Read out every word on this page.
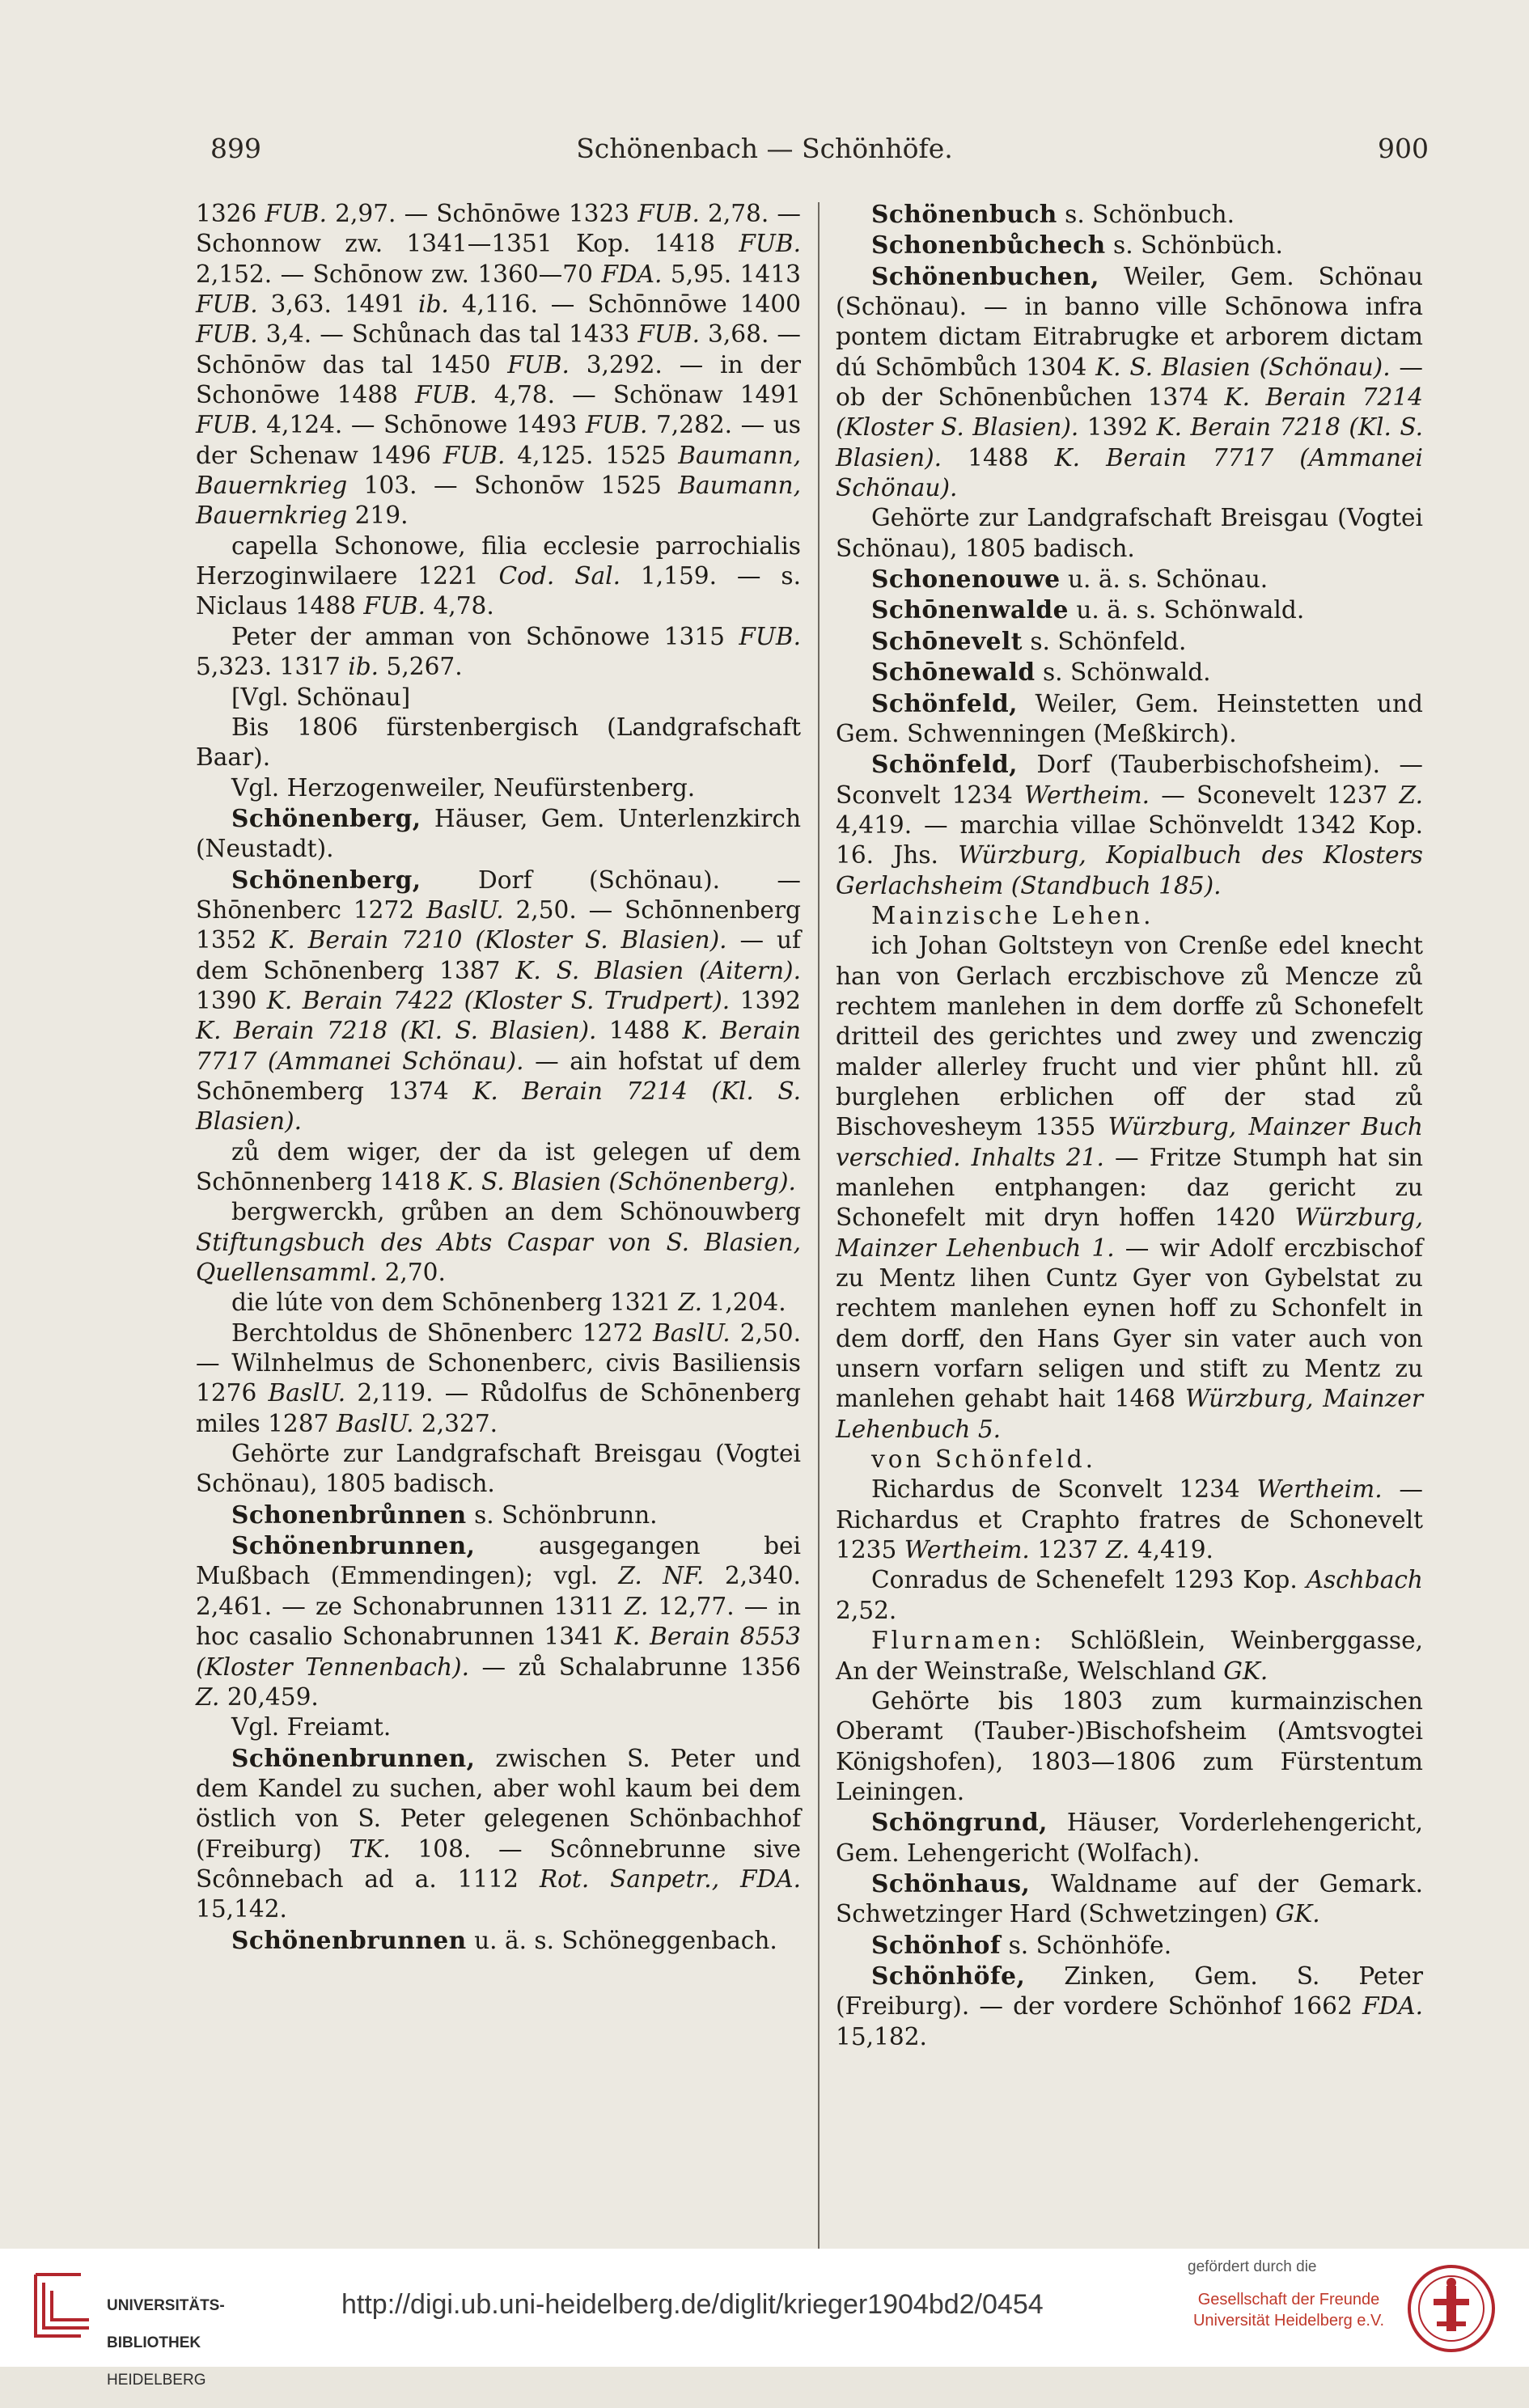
899	Schönenbach — Schönhöfe.	900

1326 FUB. 2,97. — Schōnōwe 1323 FUB. 2,78. — Schonnow zw. 1341—1351 Kop. 1418 FUB. 2,152. — Schōnow zw. 1360—70 FDA. 5,95. 1413 FUB. 3,63. 1491 ib. 4,116. — Schōnnōwe 1400 FUB. 3,4. — Schůnach das tal 1433 FUB. 3,68. — Schōnōw das tal 1450 FUB. 3,292. — in der Schonōwe 1488 FUB. 4,78. — Schönaw 1491 FUB. 4,124. — Schōnowe 1493 FUB. 7,282. — us der Schenaw 1496 FUB. 4,125. 1525 Baumann, Bauernkrieg 103. — Schonōw 1525 Baumann, Bauernkrieg 219.

capella Schonowe, filia ecclesie parrochialis Herzoginwilaere 1221 Cod. Sal. 1,159. — s. Niclaus 1488 FUB. 4,78.

Peter der amman von Schōnowe 1315 FUB. 5,323. 1317 ib. 5,267.

[Vgl. Schönau]

Bis 1806 fürstenbergisch (Landgrafschaft Baar).

Vgl. Herzogenweiler, Neufürstenberg.

Schönenberg, Häuser, Gem. Unterlenzkirch (Neustadt).

Schönenberg, Dorf (Schönau). — Shōnenberc 1272 BaslU. 2,50. — Schōnnenberg 1352 K. Berain 7210 (Kloster S. Blasien). — uf dem Schōnenberg 1387 K. S. Blasien (Aitern). 1390 K. Berain 7422 (Kloster S. Trudpert). 1392 K. Berain 7218 (Kl. S. Blasien). 1488 K. Berain 7717 (Ammanei Schönau). — ain hofstat uf dem Schōnemberg 1374 K. Berain 7214 (Kl. S. Blasien).

zů dem wiger, der da ist gelegen uf dem Schōnnenberg 1418 K. S. Blasien (Schönenberg).

bergwerckh, grůben an dem Schönouwberg Stiftungsbuch des Abts Caspar von S. Blasien, Quellensamml. 2,70.

die lúte von dem Schōnenberg 1321 Z. 1,204.

Berchtoldus de Shōnenberc 1272 BaslU. 2,50. — Wilnhelmus de Schonenberc, civis Basiliensis 1276 BaslU. 2,119. — Růdolfus de Schōnenberg miles 1287 BaslU. 2,327.

Gehörte zur Landgrafschaft Breisgau (Vogtei Schönau), 1805 badisch.

Schonenbrůnnen s. Schönbrunn.

Schönenbrunnen, ausgegangen bei Mußbach (Emmendingen); vgl. Z. NF. 2,340. 2,461. — ze Schonabrunnen 1311 Z. 12,77. — in hoc casalio Schonabrunnen 1341 K. Berain 8553 (Kloster Tennenbach). — zů Schalabrunne 1356 Z. 20,459.

Vgl. Freiamt.

Schönenbrunnen, zwischen S. Peter und dem Kandel zu suchen, aber wohl kaum bei dem östlich von S. Peter gelegenen Schönbachhof (Freiburg) TK. 108. — Scônnebrunne sive Scônnebach ad a. 1112 Rot. Sanpetr., FDA. 15,142.

Schönenbrunnen u. ä. s. Schöneggenbach.

Schönenbuch s. Schönbuch.

Schonenbůchech s. Schönbüch.

Schönenbuchen, Weiler, Gem. Schönau (Schönau). — in banno ville Schōnowa infra pontem dictam Eitrabrugke et arborem dictam dú Schōmbůch 1304 K. S. Blasien (Schönau). — ob der Schōnenbůchen 1374 K. Berain 7214 (Kloster S. Blasien). 1392 K. Berain 7218 (Kl. S. Blasien). 1488 K. Berain 7717 (Ammanei Schönau).

Gehörte zur Landgrafschaft Breisgau (Vogtei Schönau), 1805 badisch.

Schonenouwe u. ä. s. Schönau.

Schōnenwalde u. ä. s. Schönwald.

Schōnevelt s. Schönfeld.

Schōnewald s. Schönwald.

Schönfeld, Weiler, Gem. Heinstetten und Gem. Schwenningen (Meßkirch).

Schönfeld, Dorf (Tauberbischofsheim). — Sconvelt 1234 Wertheim. — Sconevelt 1237 Z. 4,419. — marchia villae Schönveldt 1342 Kop. 16. Jhs. Würzburg, Kopialbuch des Klosters Gerlachsheim (Standbuch 185).

Mainzische Lehen.

ich Johan Goltsteyn von Crenße edel knecht han von Gerlach erczbischove zů Mencze zů rechtem manlehen in dem dorffe zů Schonefelt dritteil des gerichtes und zwey und zwenczig malder allerley frucht und vier phůnt hll. zů burglehen erblichen off der stad zů Bischovesheym 1355 Würzburg, Mainzer Buch verschied. Inhalts 21. — Fritze Stumph hat sin manlehen entphangen: daz gericht zu Schonefelt mit dryn hoffen 1420 Würzburg, Mainzer Lehenbuch 1. — wir Adolf erczbischof zu Mentz lihen Cuntz Gyer von Gybelstat zu rechtem manlehen eynen hoff zu Schonfelt in dem dorff, den Hans Gyer sin vater auch von unsern vorfarn seligen und stift zu Mentz zu manlehen gehabt hait 1468 Würzburg, Mainzer Lehenbuch 5.

von Schönfeld.

Richardus de Sconvelt 1234 Wertheim. — Richardus et Craphto fratres de Schonevelt 1235 Wertheim. 1237 Z. 4,419.

Conradus de Schenefelt 1293 Kop. Aschbach 2,52.

Flurnamen: Schlößlein, Weinberggasse, An der Weinstraße, Welschland GK.

Gehörte bis 1803 zum kurmainzischen Oberamt (Tauber-)Bischofsheim (Amtsvogtei Königshofen), 1803—1806 zum Fürstentum Leiningen.

Schöngrund, Häuser, Vorderlehengericht, Gem. Lehengericht (Wolfach).

Schönhaus, Waldname auf der Gemark. Schwetzinger Hard (Schwetzingen) GK.

Schönhof s. Schönhöfe.

Schönhöfe, Zinken, Gem. S. Peter (Freiburg). — der vordere Schönhof 1662 FDA. 15,182.

UNIVERSITÄTS-

BIBLIOTHEK

HEIDELBERG

http://digi.ub.uni-heidelberg.de/diglit/krieger1904bd2/0454
gefördert durch die
Gesellschaft der Freunde
Universität Heidelberg e.V.
